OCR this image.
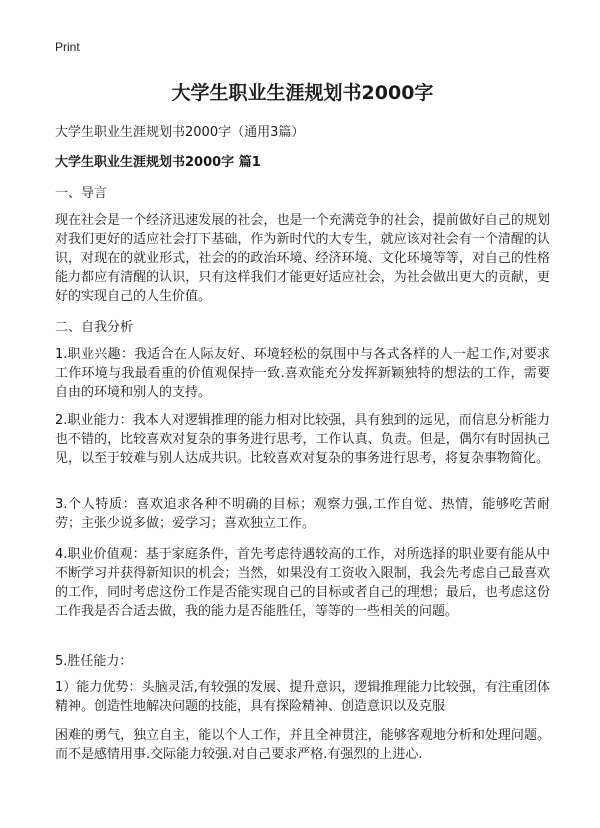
Print
大学生职业生涯规划书2000字

大学生职业生涯规划书2000字（通用3篇）

大学生职业生涯规划书2000字 篇1

一、导言

现在社会是一个经济迅速发展的社会，也是一个充满竞争的社会，提前做好自己的规划对我们更好的适应社会打下基础，作为新时代的大专生，就应该对社会有一个清醒的认识，对现在的就业形式，社会的的政治环境、经济环境、文化环境等等，对自己的性格能力都应有清醒的认识，只有这样我们才能更好适应社会，为社会做出更大的贡献，更好的实现自己的人生价值。

二、自我分析

1.职业兴趣：我适合在人际友好、环境轻松的氛围中与各式各样的人一起工作,对要求工作环境与我最看重的价值观保持一致.喜欢能充分发挥新颖独特的想法的工作，需要自由的环境和别人的支持。

2.职业能力：我本人对逻辑推理的能力相对比较强，具有独到的远见，而信息分析能力也不错的，比较喜欢对复杂的事务进行思考，工作认真、负责。但是，偶尔有时固执己见，以至于较难与别人达成共识。比较喜欢对复杂的事务进行思考，将复杂事物简化。

3.个人特质：喜欢追求各种不明确的目标；观察力强,工作自觉、热情，能够吃苦耐劳；主张少说多做；爱学习；喜欢独立工作。

4.职业价值观：基于家庭条件，首先考虑待遇较高的工作，对所选择的职业要有能从中不断学习并获得新知识的机会；当然，如果没有工资收入限制，我会先考虑自己最喜欢的工作，同时考虑这份工作是否能实现自己的目标或者自己的理想；最后，也考虑这份工作我是否合适去做，我的能力是否能胜任，等等的一些相关的问题。

5.胜任能力：

1）能力优势：头脑灵活,有较强的发展、提升意识，逻辑推理能力比较强，有注重团体精神。创造性地解决问题的技能，具有探险精神、创造意识以及克服

困难的勇气，独立自主，能以个人工作，并且全神贯注，能够客观地分析和处理问题。而不是感情用事.交际能力较强.对自己要求严格.有强烈的上进心.
